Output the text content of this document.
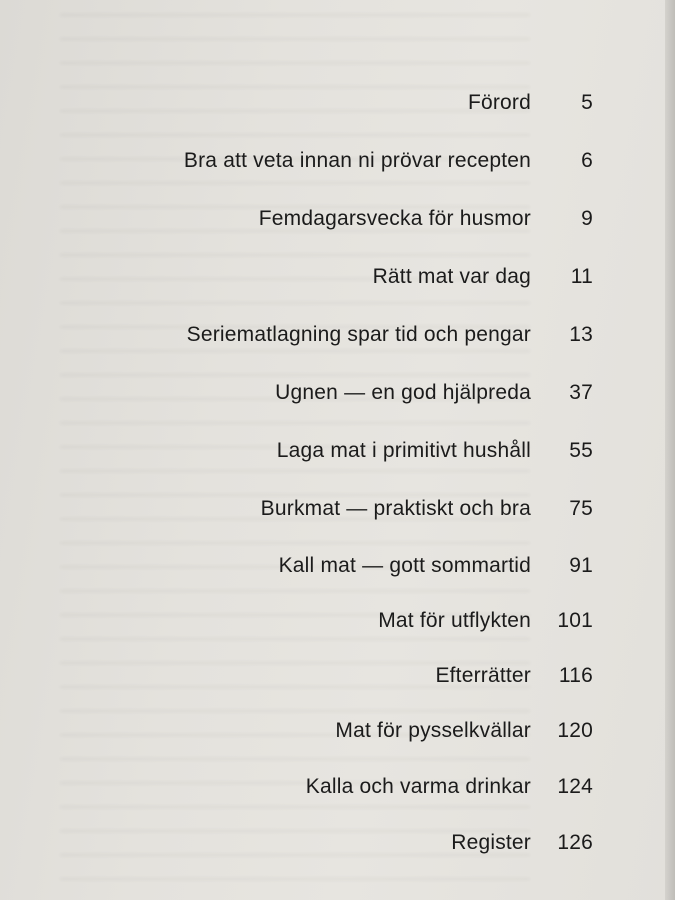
Förord	5
Bra att veta innan ni prövar recepten	6
Femdagarsvecka för husmor	9
Rätt mat var dag	11
Seriematlagning spar tid och pengar	13
Ugnen — en god hjälpreda	37
Laga mat i primitivt hushåll	55
Burkmat — praktiskt och bra	75
Kall mat — gott sommartid	91
Mat för utflykten	101
Efterrätter	116
Mat för pysselkvällar	120
Kalla och varma drinkar	124
Register	126
